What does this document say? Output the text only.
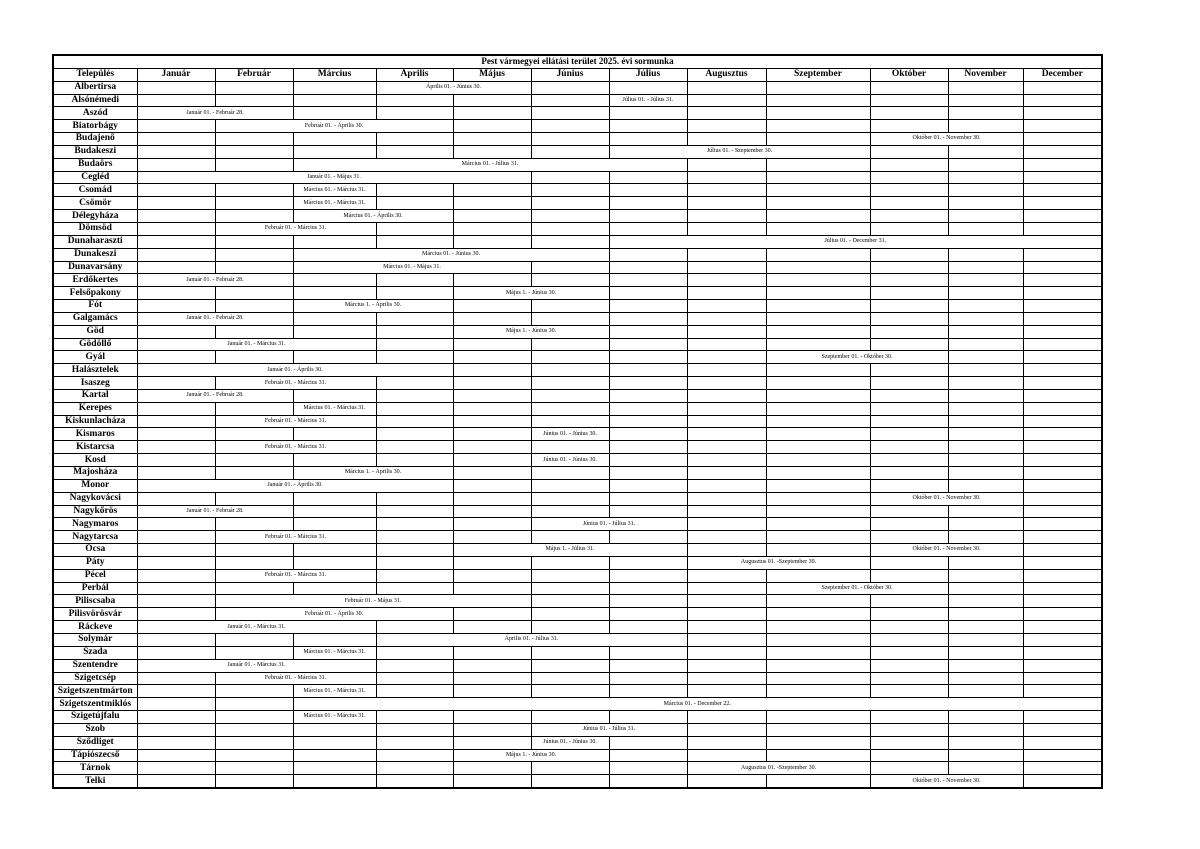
Pest vármegyei ellátási terület 2025. évi sormunka												
Település	Január	Február	Március	Április	Május	Június	Július	Augusztus	Szeptember	Október	November	December
Albertirsa				Április 01. - Június 30.								
Alsónémedi							Július 01. - Július 31.					
Aszód	Január 01. - Február 28.											
Biatorbágy		Február 01. - Április 30.										
Budajenő										Október 01. - November 30.		
Budakeszi							Július 01. - Szeptember 30.					
Budaörs			Március 01. - Július 31.									
Cegléd	Január 01. - Május 31.											
Csomád			Március 01. - Március 31.									
Csömör			Március 01. - Március 31.									
Délegyháza			Március 01. - Április 30.									
Dömsöd		Február 01. - Március 31.										
Dunaharaszti							Július 01. - December 31.					
Dunakeszi			Március 01. - Június 30.									
Dunavarsány			Március 01. - Május 31.									
Erdőkertes	Január 01. - Február 28.											
Felsőpakony					Május 1. - Június 30.							
Fót			Március 1. - Április 30.									
Galgamács	Január 01. - Február 28.											
Göd					Május 1. - Június 30.							
Gödöllő	Január 01. - Március 31.											
Gyál									Szeptember 01. - Október 30.			
Halásztelek	Január 01. - Április 30.											
Isaszeg		Február 01. - Március 31.										
Kartal	Január 01. - Február 28.											
Kerepes			Március 01. - Március 31.									
Kiskunlacháza		Február 01. - Március 31.										
Kismaros						Június 01. - Június 30.						
Kistarcsa		Február 01. - Március 31.										
Kosd						Június 01. - Június 30.						
Majosháza			Március 1. - Április 30.									
Monor	Január 01. - Április 30.											
Nagykovácsi										Október 01. - November 30.		
Nagykőrös	Január 01. - Február 28.											
Nagymaros						Június 01. - Július 31.						
Nagytarcsa		Február 01. - Március 31.										
Ócsa					Május 1. - Július 31.					Október 01. - November 30.		
Páty								Augusztus 01. -Szeptember 30.				
Pécel		Február 01. - Március 31.										
Perbál									Szeptember 01. - Október 30.			
Piliscsaba		Február 01. - Május 31.										
Pilisvörösvár		Február 01. - Április 30.										
Ráckeve	Január 01. - Március 31.											
Solymár				Április 01. - Július 31.								
Szada			Március 01. - Március 31.									
Szentendre	Január 01. - Március 31.											
Szigetcsép		Február 01. - Március 31.										
Szigetszentmárton			Március 01. - Március 31.									
Szigetszentmiklós			Március 01. - December 22.									
Szigetújfalu			Március 01. - Március 31.									
Szob						Június 01. - Július 31.						
Sződliget						Június 01. - Június 30.						
Tápiószecső					Május 1. - Június 30.							
Tárnok								Augusztus 01. -Szeptember 30.				
Telki										Október 01. - November 30.		
